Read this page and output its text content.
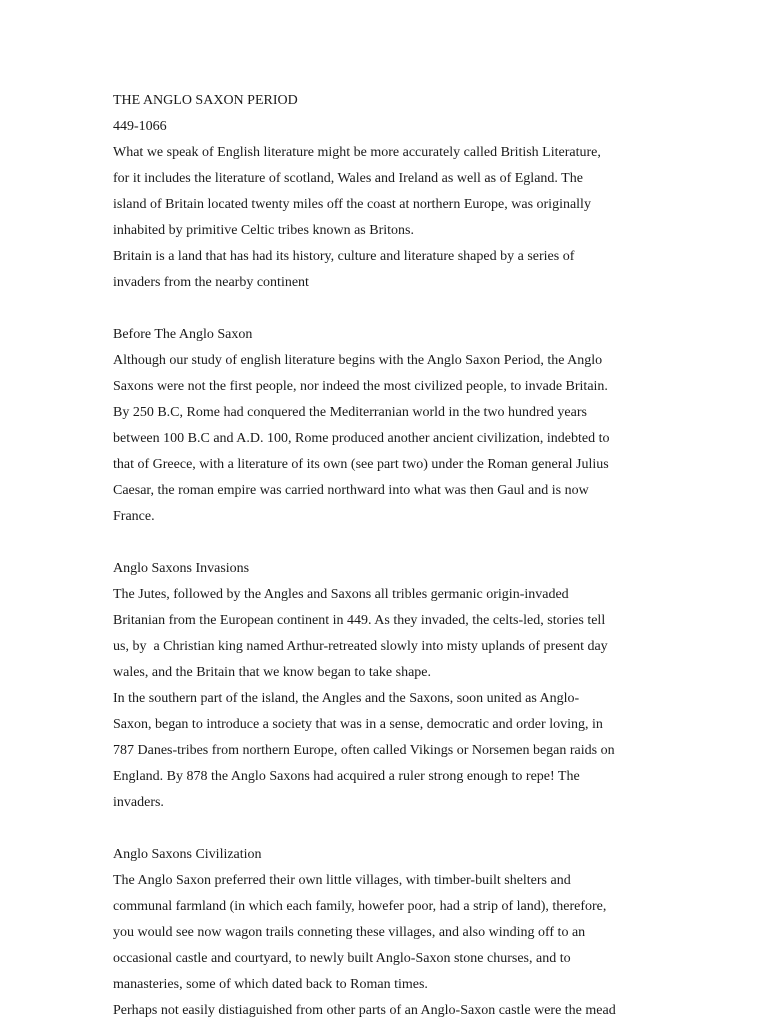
THE ANGLO SAXON PERIOD
449-1066
What we speak of English literature might be more accurately called British Literature,
for it includes the literature of scotland, Wales and Ireland as well as of Egland. The
island of Britain located twenty miles off the coast at northern Europe, was originally
inhabited by primitive Celtic tribes known as Britons.
Britain is a land that has had its history, culture and literature shaped by a series of
invaders from the nearby continent
Before The Anglo Saxon
Although our study of english literature begins with the Anglo Saxon Period, the Anglo
Saxons were not the first people, nor indeed the most civilized people, to invade Britain.
By 250 B.C, Rome had conquered the Mediterranian world in the two hundred years
between 100 B.C and A.D. 100, Rome produced another ancient civilization, indebted to
that of Greece, with a literature of its own (see part two) under the Roman general Julius
Caesar, the roman empire was carried northward into what was then Gaul and is now
France.
Anglo Saxons Invasions
The Jutes, followed by the Angles and Saxons all tribles germanic origin-invaded
Britanian from the European continent in 449. As they invaded, the celts-led, stories tell
us, by  a Christian king named Arthur-retreated slowly into misty uplands of present day
wales, and the Britain that we know began to take shape.
In the southern part of the island, the Angles and the Saxons, soon united as Anglo-
Saxon, began to introduce a society that was in a sense, democratic and order loving, in
787 Danes-tribes from northern Europe, often called Vikings or Norsemen began raids on
England. By 878 the Anglo Saxons had acquired a ruler strong enough to repe! The
invaders.
Anglo Saxons Civilization
The Anglo Saxon preferred their own little villages, with timber-built shelters and
communal farmland (in which each family, howefer poor, had a strip of land), therefore,
you would see now wagon trails conneting these villages, and also winding off to an
occasional castle and courtyard, to newly built Anglo-Saxon stone churses, and to
manasteries, some of which dated back to Roman times.
Perhaps not easily distiaguished from other parts of an Anglo-Saxon castle were the mead
